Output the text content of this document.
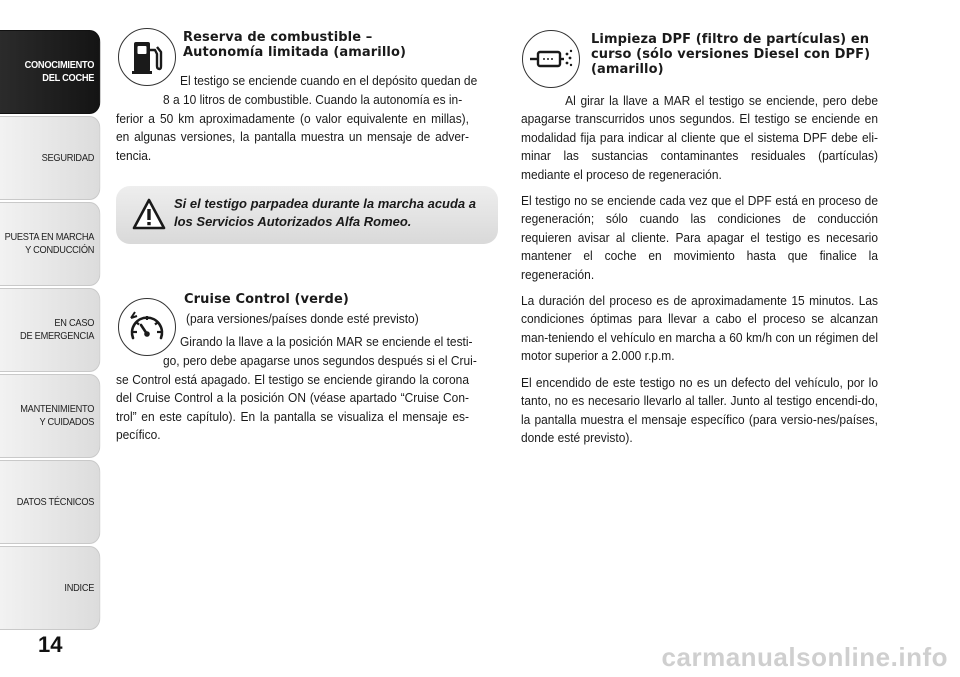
CONOCIMIENTO
DEL COCHE
SEGURIDAD
PUESTA EN MARCHA
Y CONDUCCIÓN
EN CASO
DE EMERGENCIA
MANTENIMIENTO
Y CUIDADOS
DATOS TÉCNICOS
INDICE
14
Reserva de combustible –
Autonomía limitada (amarillo)
El testigo se enciende cuando en el depósito quedan de
8 a 10 litros de combustible. Cuando la autonomía es in-

ferior a 50 km aproximadamente (o valor equivalente en millas), en algunas versiones, la pantalla muestra un mensaje de adver-tencia.

Si el testigo parpadea durante la marcha acuda a los Servicios Autorizados Alfa Romeo.
Cruise Control (verde)
(para versiones/países donde esté previsto)
Girando la llave a la posición MAR se enciende el testi-
go, pero debe apagarse unos segundos después si el Crui-

se Control está apagado. El testigo se enciende girando la corona del Cruise Control a la posición ON (véase apartado “Cruise Con-trol” en este capítulo). En la pantalla se visualiza el mensaje es-pecífico.

Limpieza DPF (filtro de partículas) en
curso (sólo versiones Diesel con DPF)
(amarillo)

Al girar la llave a MAR el testigo se enciende, pero debe apagarse transcurridos unos segundos. El testigo se enciende en modalidad fija para indicar al cliente que el sistema DPF debe eli-minar las sustancias contaminantes residuales (partículas) mediante el proceso de regeneración.

El testigo no se enciende cada vez que el DPF está en proceso de regeneración; sólo cuando las condiciones de conducción requieren avisar al cliente. Para apagar el testigo es necesario mantener el coche en movimiento hasta que finalice la regeneración.

La duración del proceso es de aproximadamente 15 minutos. Las condiciones óptimas para llevar a cabo el proceso se alcanzan man-teniendo el vehículo en marcha a 60 km/h con un régimen del motor superior a 2.000 r.p.m.

El encendido de este testigo no es un defecto del vehículo, por lo tanto, no es necesario llevarlo al taller. Junto al testigo encendi-do, la pantalla muestra el mensaje específico (para versio-nes/países, donde esté previsto).

carmanualsonline.info
